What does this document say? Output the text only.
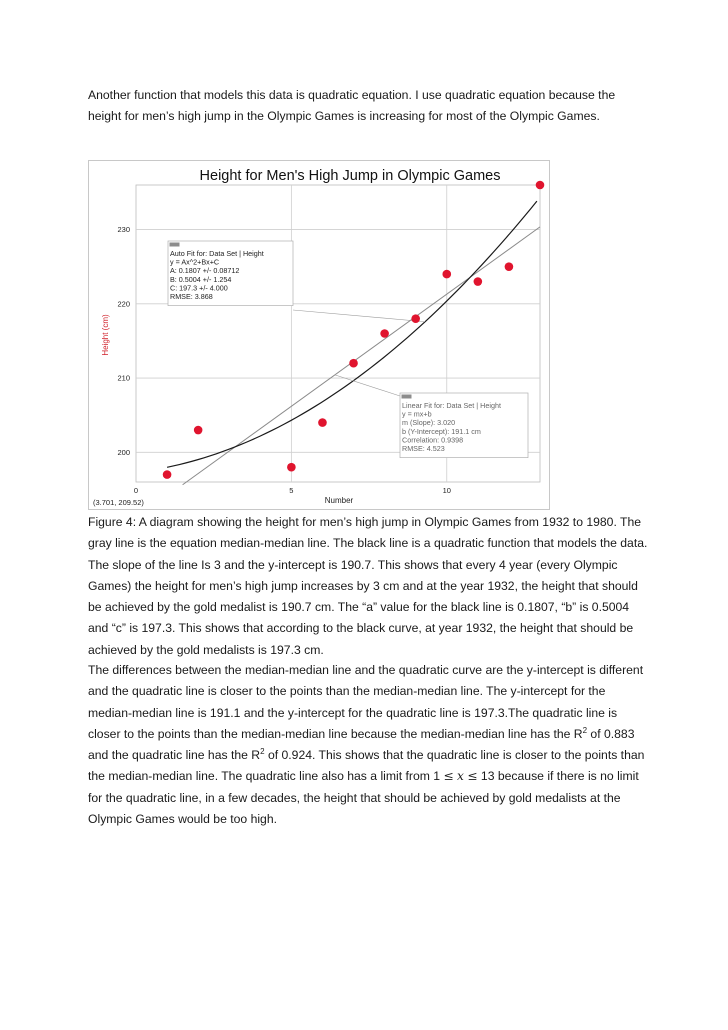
Another function that models this data is quadratic equation. I use quadratic equation because the height for men’s high jump in the Olympic Games is increasing for most of the Olympic Games.
Height for Men's High Jump in Olympic Games
Auto Fit for: Data Set | Height
y = Ax^2+Bx+C
A: 0.1807 +/- 0.08712
B: 0.5004 +/- 1.254
C: 197.3 +/- 4.000
RMSE: 3.868
Linear Fit for: Data Set | Height
y = mx+b
m (Slope): 3.020
b (Y-Intercept): 191.1 cm
Correlation: 0.9398
RMSE: 4.523
0	5	10
200
210
220
230
Number
Height (cm)
(3.701, 209.52)
Figure 4: A diagram showing the height for men’s high jump in Olympic Games from 1932 to 1980. The gray line is the equation median-median line. The black line is a quadratic function that models the data. The slope of the line Is 3 and the y-intercept is 190.7. This shows that every 4 year (every Olympic Games) the height for men’s high jump increases by 3 cm and at the year 1932, the height that should be achieved by the gold medalist is 190.7 cm. The “a” value for the black line is 0.1807, “b” is 0.5004 and “c” is 197.3. This shows that according to the black curve, at year 1932, the height that should be achieved by the gold medalists is 197.3 cm.
The differences between the median-median line and the quadratic curve are the y-intercept is different and the quadratic line is closer to the points than the median-median line. The y-intercept for the median-median line is 191.1 and the y-intercept for the quadratic line is 197.3.The quadratic line is closer to the points than the median-median line because the median-median line has the $R^2$ of 0.883 and the quadratic line has the $R^2$ of 0.924. This shows that the quadratic line is closer to the points than the median-median line. The quadratic line also has a limit from 1 ≤ x ≤ 13 because if there is no limit for the quadratic line, in a few decades, the height that should be achieved by gold medalists at the Olympic Games would be too high.
